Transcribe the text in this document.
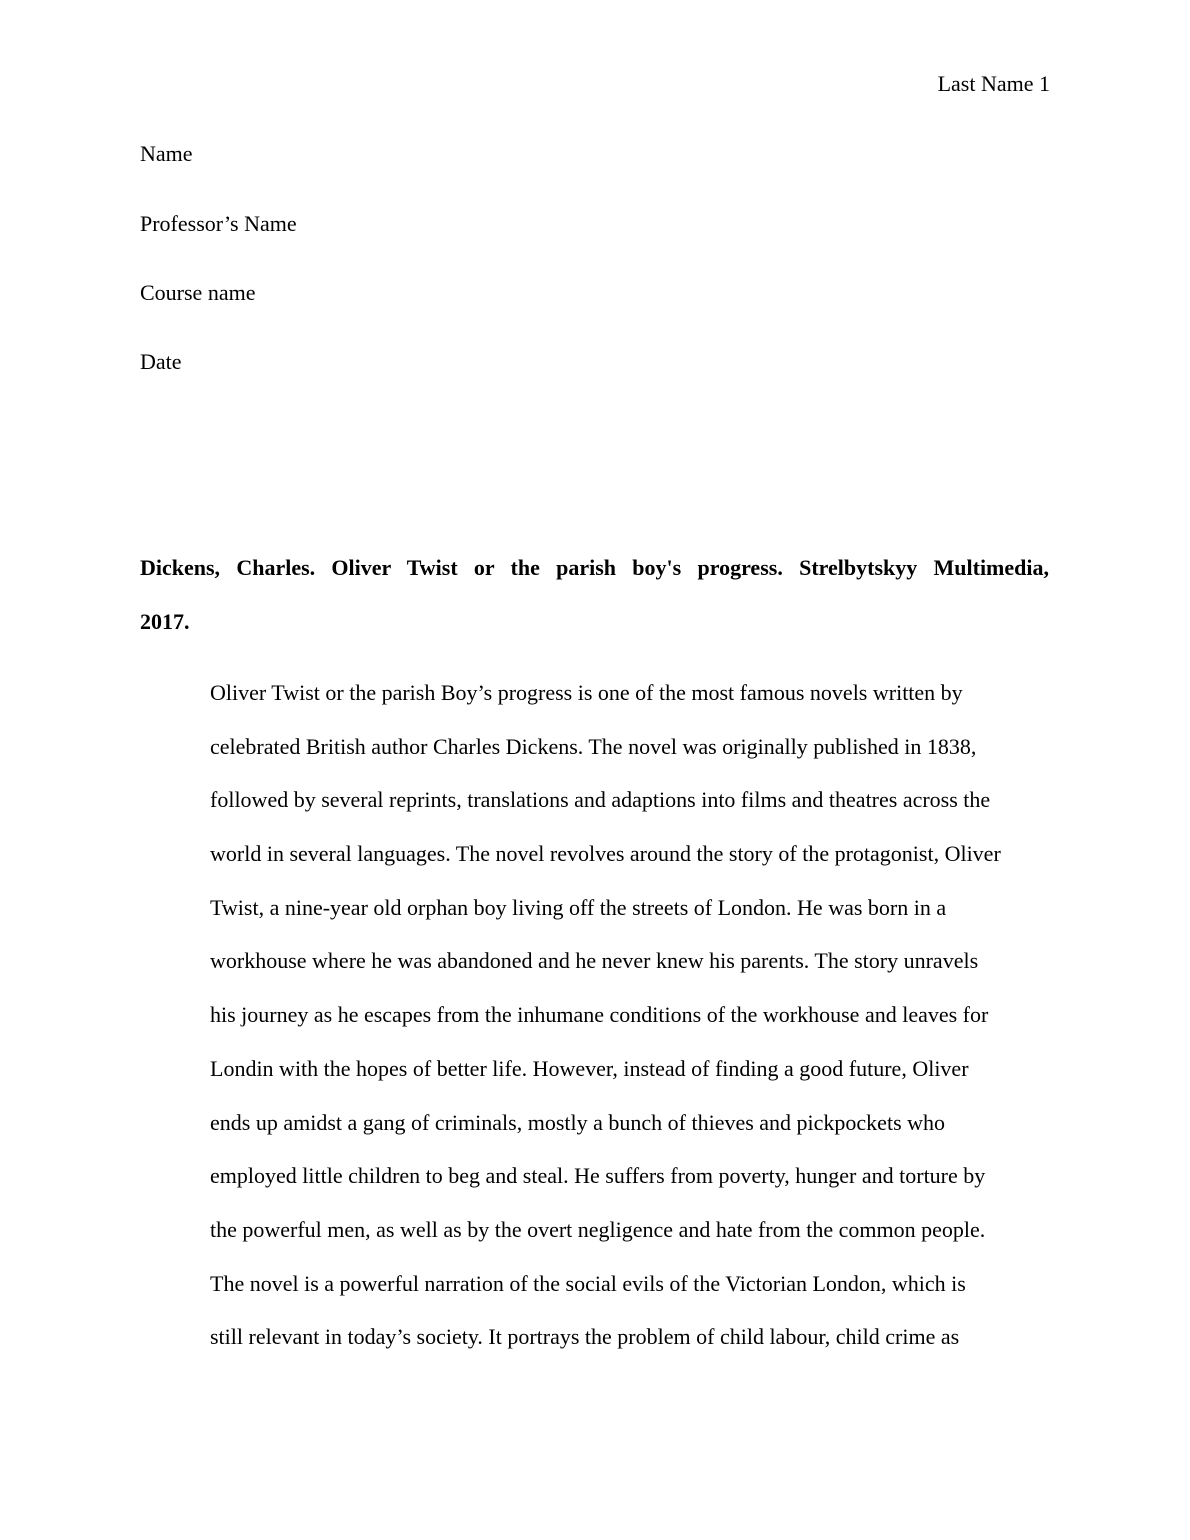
Last Name 1
Name
Professor’s Name
Course name
Date
Dickens, Charles. Oliver Twist or the parish boy's progress. Strelbytskyy Multimedia,
2017.
Oliver Twist or the parish Boy’s progress is one of the most famous novels written by
celebrated British author Charles Dickens. The novel was originally published in 1838,
followed by several reprints, translations and adaptions into films and theatres across the
world in several languages. The novel revolves around the story of the protagonist, Oliver
Twist, a nine-year old orphan boy living off the streets of London. He was born in a
workhouse where he was abandoned and he never knew his parents. The story unravels
his journey as he escapes from the inhumane conditions of the workhouse and leaves for
Londin with the hopes of better life. However, instead of finding a good future, Oliver
ends up amidst a gang of criminals, mostly a bunch of thieves and pickpockets who
employed little children to beg and steal. He suffers from poverty, hunger and torture by
the powerful men, as well as by the overt negligence and hate from the common people.
The novel is a powerful narration of the social evils of the Victorian London, which is
still relevant in today’s society. It portrays the problem of child labour, child crime as
